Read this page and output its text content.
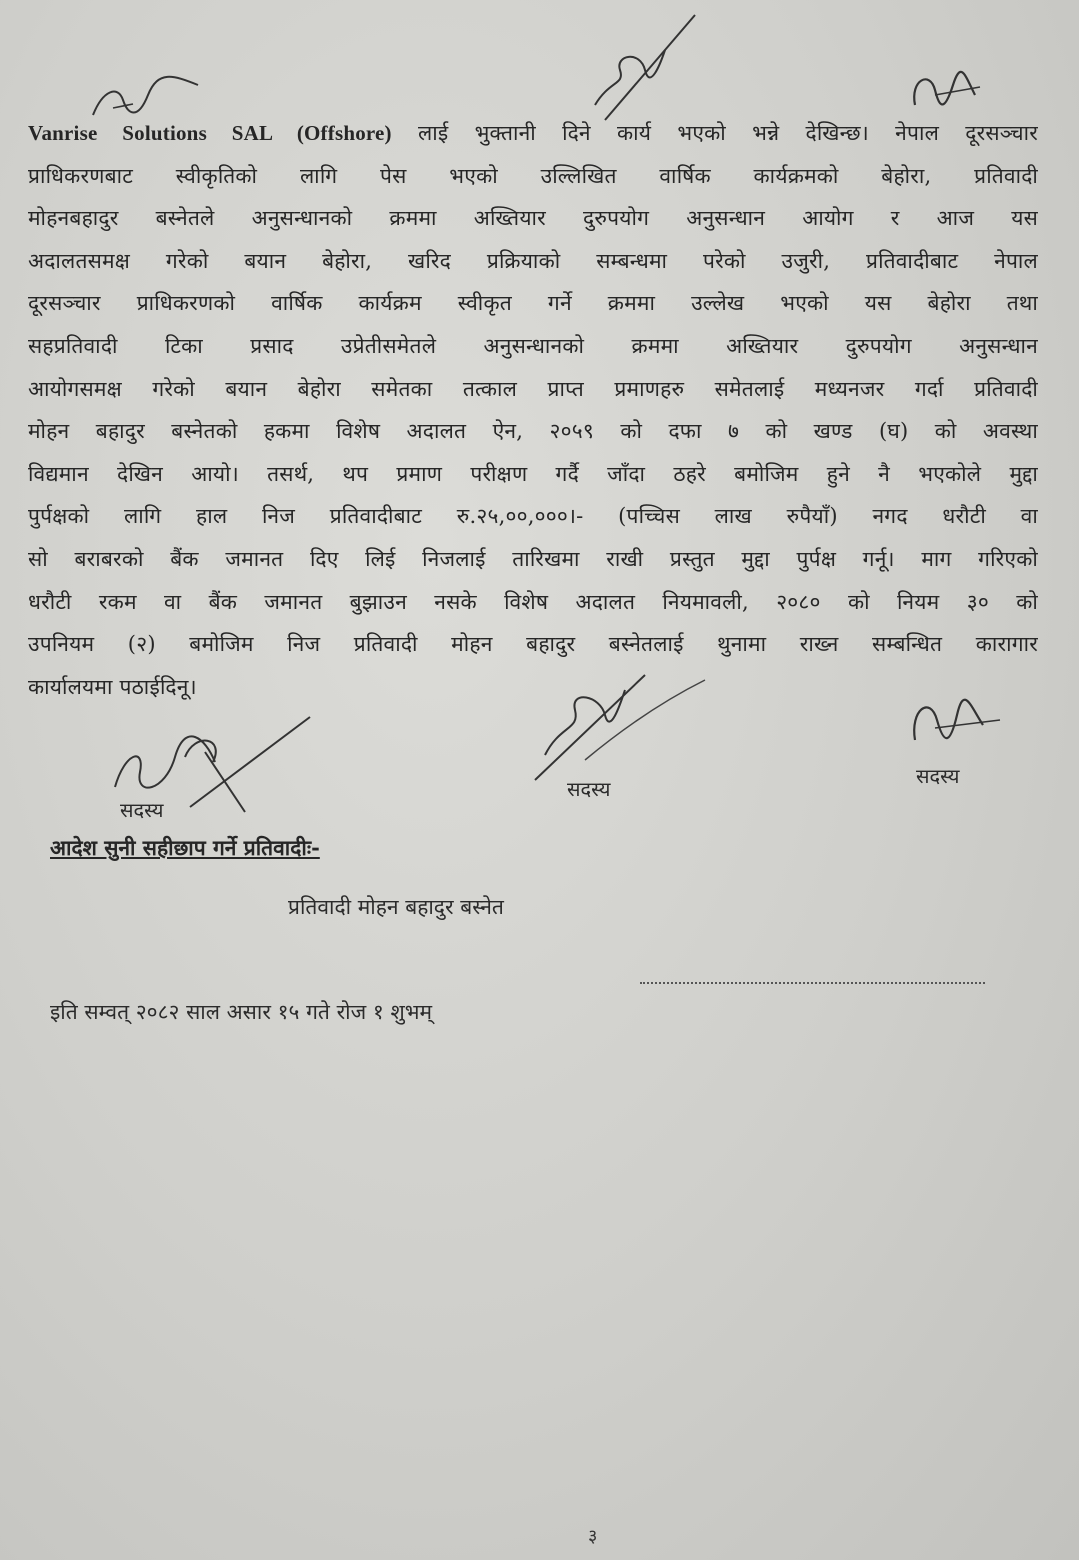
Vanrise Solutions SAL (Offshore) लाई भुक्तानी दिने कार्य भएको भन्ने देखिन्छ। नेपाल दूरसञ्चार

प्राधिकरणबाट स्वीकृतिको लागि पेस भएको उल्लिखित वार्षिक कार्यक्रमको बेहोरा, प्रतिवादी

मोहनबहादुर बस्नेतले अनुसन्धानको क्रममा अख्तियार दुरुपयोग अनुसन्धान आयोग र आज यस

अदालतसमक्ष गरेको बयान बेहोरा, खरिद प्रक्रियाको सम्बन्धमा परेको उजुरी, प्रतिवादीबाट नेपाल

दूरसञ्चार प्राधिकरणको वार्षिक कार्यक्रम स्वीकृत गर्ने क्रममा उल्लेख भएको यस बेहोरा तथा

सहप्रतिवादी टिका प्रसाद उप्रेतीसमेतले अनुसन्धानको क्रममा अख्तियार दुरुपयोग अनुसन्धान

आयोगसमक्ष गरेको बयान बेहोरा समेतका तत्काल प्राप्त प्रमाणहरु समेतलाई मध्यनजर गर्दा प्रतिवादी

मोहन बहादुर बस्नेतको हकमा विशेष अदालत ऐन, २०५९ को दफा ७ को खण्ड (घ) को अवस्था

विद्यमान देखिन आयो। तसर्थ, थप प्रमाण परीक्षण गर्दै जाँदा ठहरे बमोजिम हुने नै भएकोले मुद्दा

पुर्पक्षको लागि हाल निज प्रतिवादीबाट रु.२५,००,०००।- (पच्चिस लाख रुपैयाँ) नगद धरौटी वा

सो बराबरको बैंक जमानत दिए लिई निजलाई तारिखमा राखी प्रस्तुत मुद्दा पुर्पक्ष गर्नू। माग गरिएको

धरौटी रकम वा बैंक जमानत बुझाउन नसके विशेष अदालत नियमावली, २०८० को नियम ३० को

उपनियम (२) बमोजिम निज प्रतिवादी मोहन बहादुर बस्नेतलाई थुनामा राख्न सम्बन्धित कारागार

कार्यालयमा पठाईदिनू।

सदस्य
सदस्य
सदस्य
आदेश सुनी सहीछाप गर्ने प्रतिवादीः-
प्रतिवादी मोहन बहादुर बस्नेत
इति सम्वत् २०८२ साल असार १५ गते रोज १ शुभम्
३
